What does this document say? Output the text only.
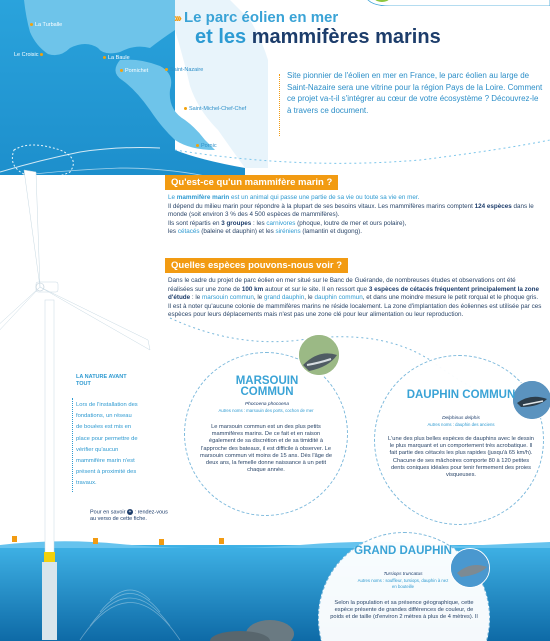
La Turballe
Le Croisic	La Baule
Pornichet	Saint-Nazaire
Saint-Michel-Chef-Chef
Pornic
››› Le parc éolien en mer
et les mammifères marins
Site pionnier de l'éolien en mer en France, le parc éolien au large de Saint-Nazaire sera une vitrine pour la région Pays de la Loire. Comment ce projet va-t-il s'intégrer au cœur de votre écosystème ? Découvrez-le à travers ce document.
Qu'est-ce qu'un mammifère marin ?
Le mammifère marin est un animal qui passe une partie de sa vie ou toute sa vie en mer.
Il dépend du milieu marin pour répondre à la plupart de ses besoins vitaux. Les mammifères marins comptent 124 espèces dans le monde (soit environ 3 % des 4 500 espèces de mammifères).
Ils sont répartis en 3 groupes : les carnivores (phoque, loutre de mer et ours polaire),
les cétacés (baleine et dauphin) et les siréniens (lamantin et dugong).
Quelles espèces pouvons-nous voir ?
Dans le cadre du projet de parc éolien en mer situé sur le Banc de Guérande, de nombreuses études et observations ont été réalisées sur une zone de 100 km autour et sur le site. Il en ressort que 3 espèces de cétacés fréquentent principalement la zone d'étude : le marsouin commun, le grand dauphin, le dauphin commun, et dans une moindre mesure le petit rorqual et le phoque gris. Il est à noter qu'aucune colonie de mammifères marins ne réside localement. La zone d'implantation des éoliennes est utilisée par ces espèces pour leurs déplacements mais n'est pas une zone clé pour leur alimentation ou leur reproduction.
MARSOUIN COMMUN
Phocoena phocoena
Autres noms : marsouin des ports, cochon de mer
Le marsouin commun est un des plus petits mammifères marins. De ce fait et en raison également de sa discrétion et de sa timidité à l'approche des bateaux, il est difficile à observer. Le marsouin commun vit moins de 15 ans. Dès l'âge de deux ans, la femelle donne naissance à un petit chaque année.
DAUPHIN COMMUN
Delphinus delphis
Autres noms : dauphin des anciens
L'une des plus belles espèces de dauphins avec le dessin le plus marquant et un comportement très acrobatique. Il fait partie des cétacés les plus rapides (jusqu'à 65 km/h). Chacune de ses mâchoires comporte 80 à 120 petites dents coniques idéales pour tenir fermement des proies visqueuses.
GRAND DAUPHIN
Tursiops truncatus
Autres noms : souffleur, tursiops, dauphin à nez en bouteille
Selon la population et sa présence géographique, cette espèce présente de grandes différences de couleur, de poids et de taille (d'environ 2 mètres à plus de 4 mètres). Il
LA NATURE AVANT TOUT
Lors de l'installation des fondations, un réseau de bouées est mis en place pour permettre de vérifier qu'aucun mammifère marin n'est présent à proximité des travaux.
Pour en savoir + : rendez-vous au verso de cette fiche.
